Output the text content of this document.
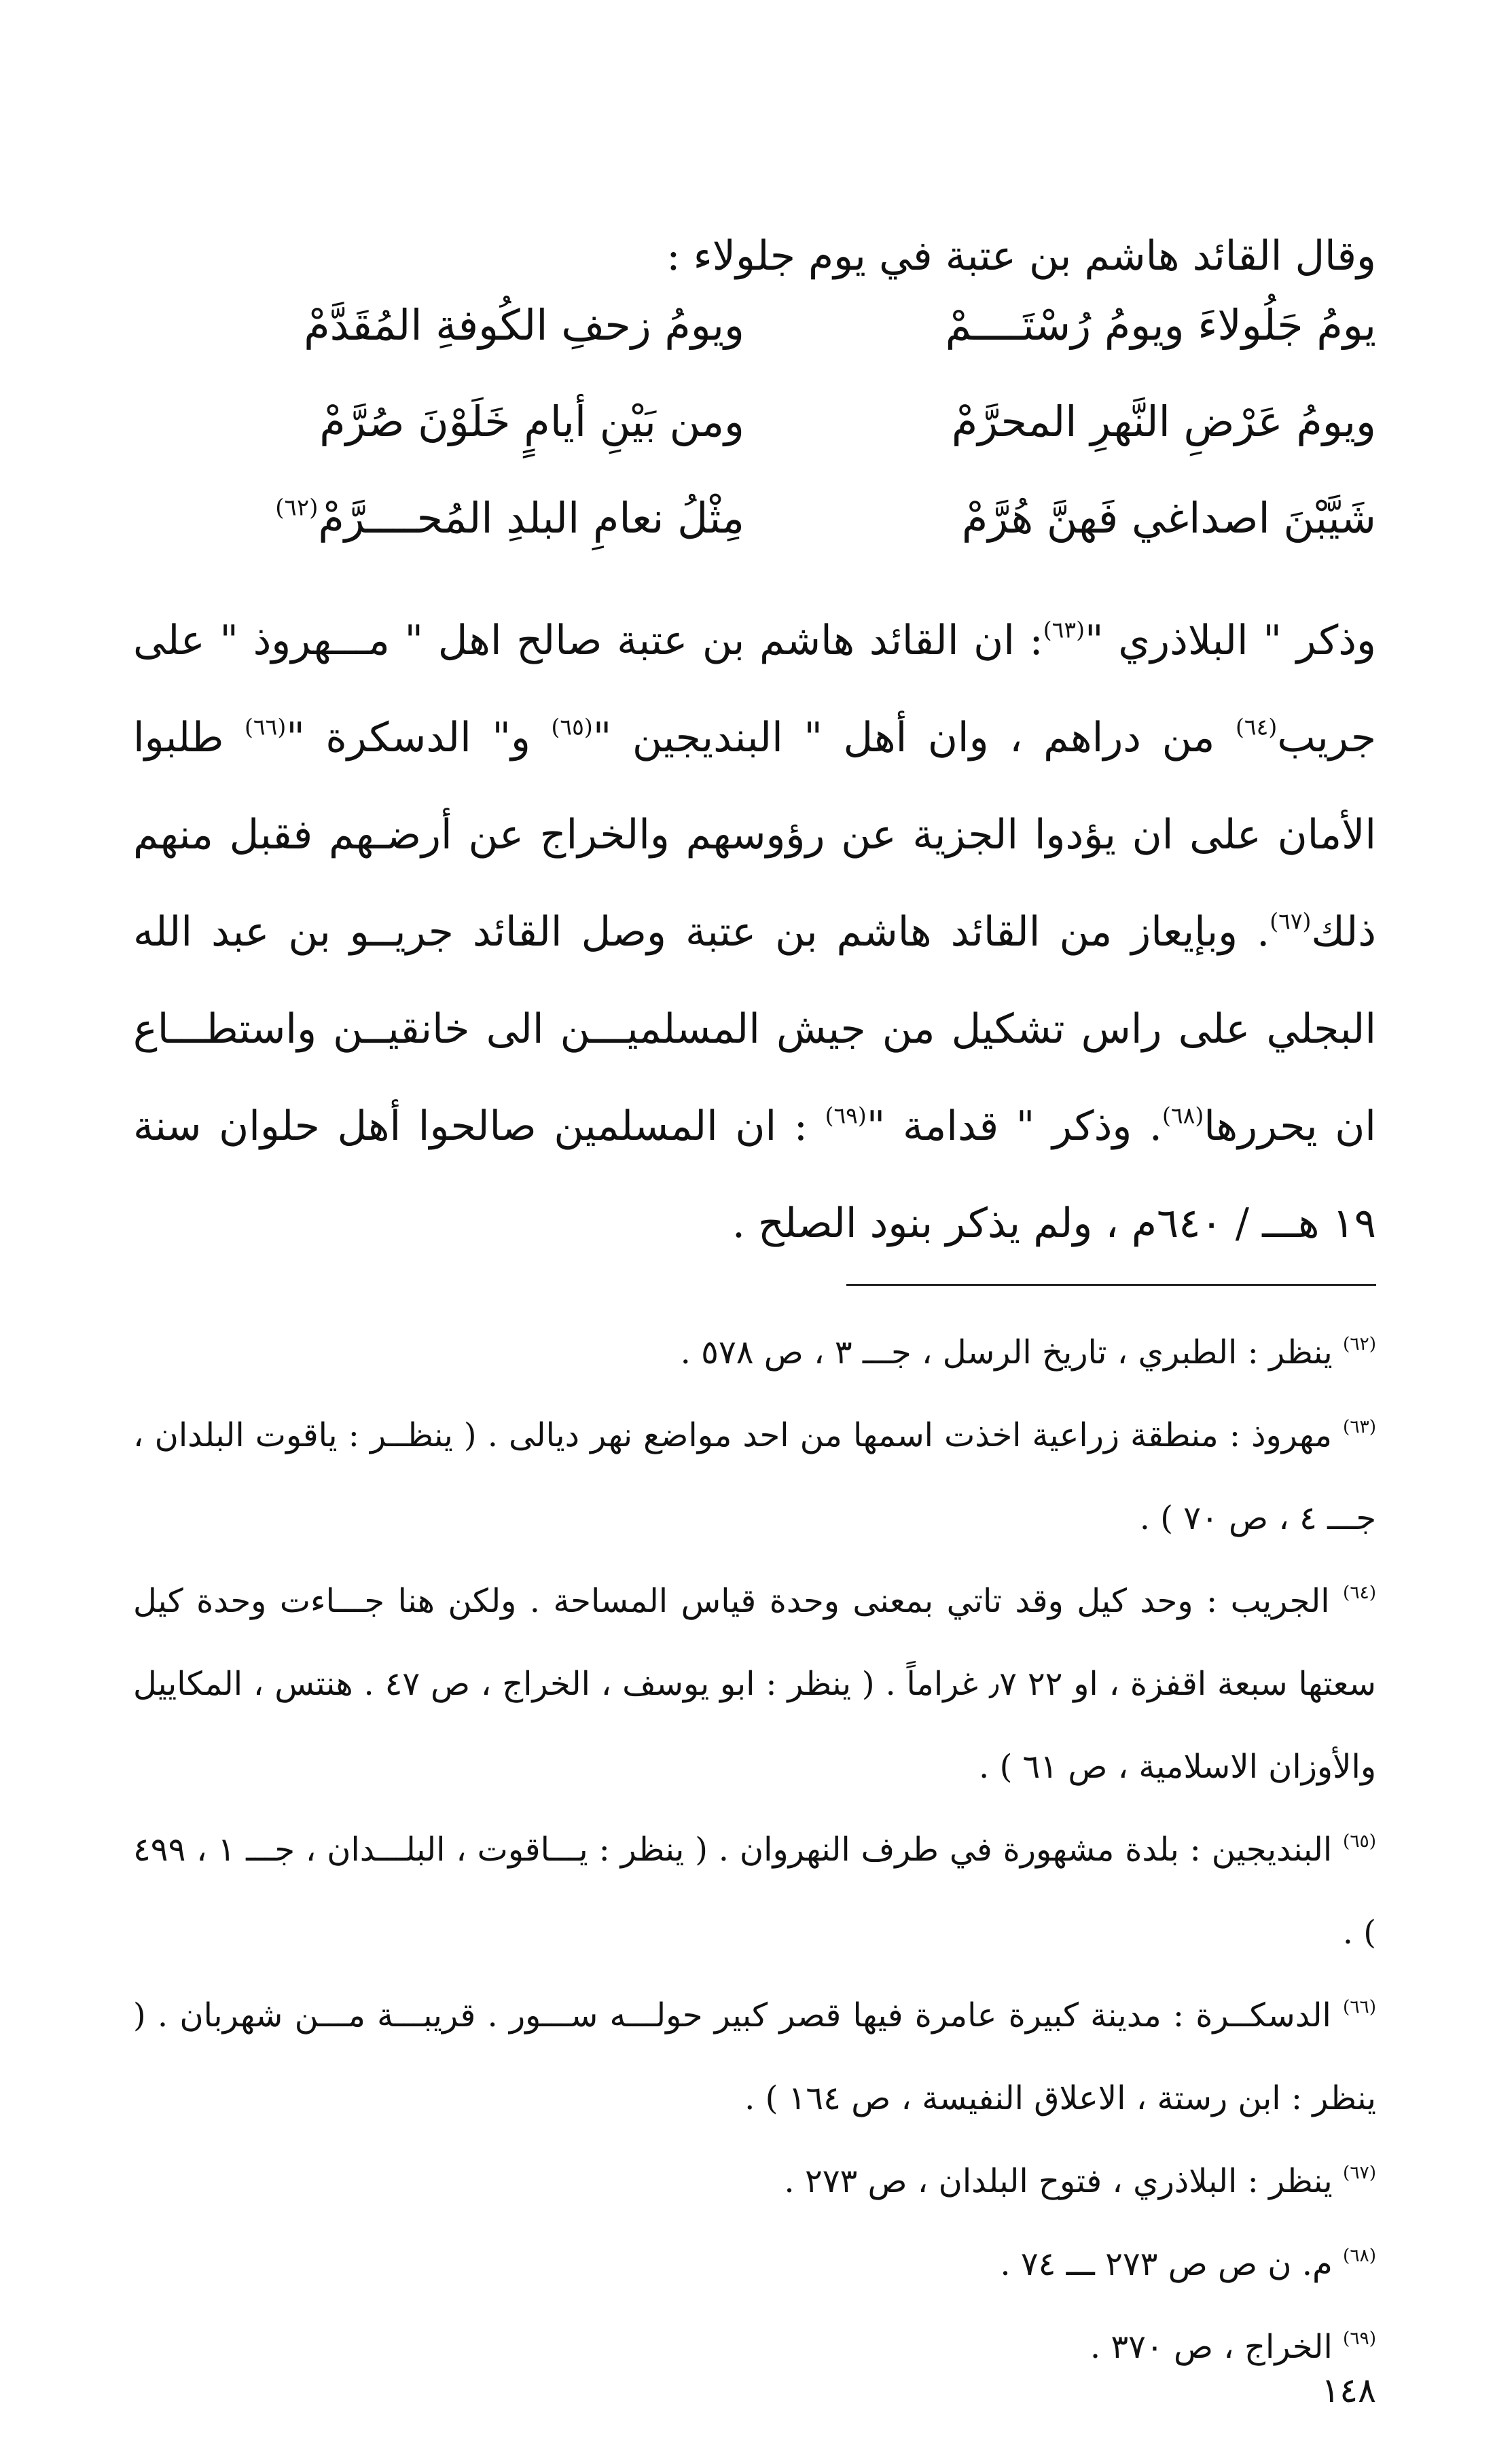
وقال القائد هاشم بن عتبة في يوم جلولاء :
يومُ جَلُولاءَ ويومُ رُسْتَــــمْ
ويومُ زحفِ الكُوفةِ المُقَدَّمْ
ويومُ عَرْضِ النَّهرِ المحرَّمْ
ومن بَيْنِ أيامٍ خَلَوْنَ صُرَّمْ
شَيَّبْنَ اصداغي فَهنَّ هُرَّمْ
مِثْلُ نعامِ البلدِ المُحــــرَّمْ$^{(٦٢)}$

وذكر " البلاذري "$^{(٦٣)}$: ان القائد هاشم بن عتبة صالح اهل " مـــهروذ " على جريب$^{(٦٤)}$ من دراهم ، وان أهل " البنديجين "$^{(٦٥)}$ و" الدسكرة "$^{(٦٦)}$ طلبوا الأمان على ان يؤدوا الجزية عن رؤوسهم والخراج عن أرضـهم فقبل منهم ذلك$^{(٦٧)}$. وبإيعاز من القائد هاشم بن عتبة وصل القائد جريــو بن عبد الله البجلي على راس تشكيل من جيش المسلميـــن الى خانقيــن واستطـــاع ان يحررها$^{(٦٨)}$. وذكر " قدامة "$^{(٦٩)}$ : ان المسلمين صالحوا أهل حلوان سنة ١٩ هـــ / ٦٤٠م ، ولم يذكر بنود الصلح .

$^{(٦٢)}$ ينظر : الطبري ، تاريخ الرسل ، جـــ ٣ ، ص ٥٧٨ .

$^{(٦٣)}$ مهروذ : منطقة زراعية اخذت اسمها من احد مواضع نهر ديالى . ( ينظــر : ياقوت البلدان ، جـــ ٤ ، ص ٧٠ ) .

$^{(٦٤)}$ الجريب : وحد كيل وقد تاتي بمعنى وحدة قياس المساحة . ولكن هنا جـــاءت وحدة كيل سعتها سبعة اقفزة ، او ٢٢ ٫٧ غراماً . ( ينظر : ابو يوسف ، الخراج ، ص ٤٧ . هنتس ، المكاييل والأوزان الاسلامية ، ص ٦١ ) .

$^{(٦٥)}$ البنديجين : بلدة مشهورة في طرف النهروان . ( ينظر : يـــاقوت ، البلـــدان ، جـــ ١ ، ٤٩٩ ) .

$^{(٦٦)}$ الدسكــرة : مدينة كبيرة عامرة فيها قصر كبير حولـــه ســـور . قريبـــة مـــن شهربان . ( ينظر : ابن رستة ، الاعلاق النفيسة ، ص ١٦٤ ) .

$^{(٦٧)}$ ينظر : البلاذري ، فتوح البلدان ، ص ٢٧٣ .

$^{(٦٨)}$ م. ن ص ص ٢٧٣ ـــ ٧٤ .

$^{(٦٩)}$ الخراج ، ص ٣٧٠ .

١٤٨
